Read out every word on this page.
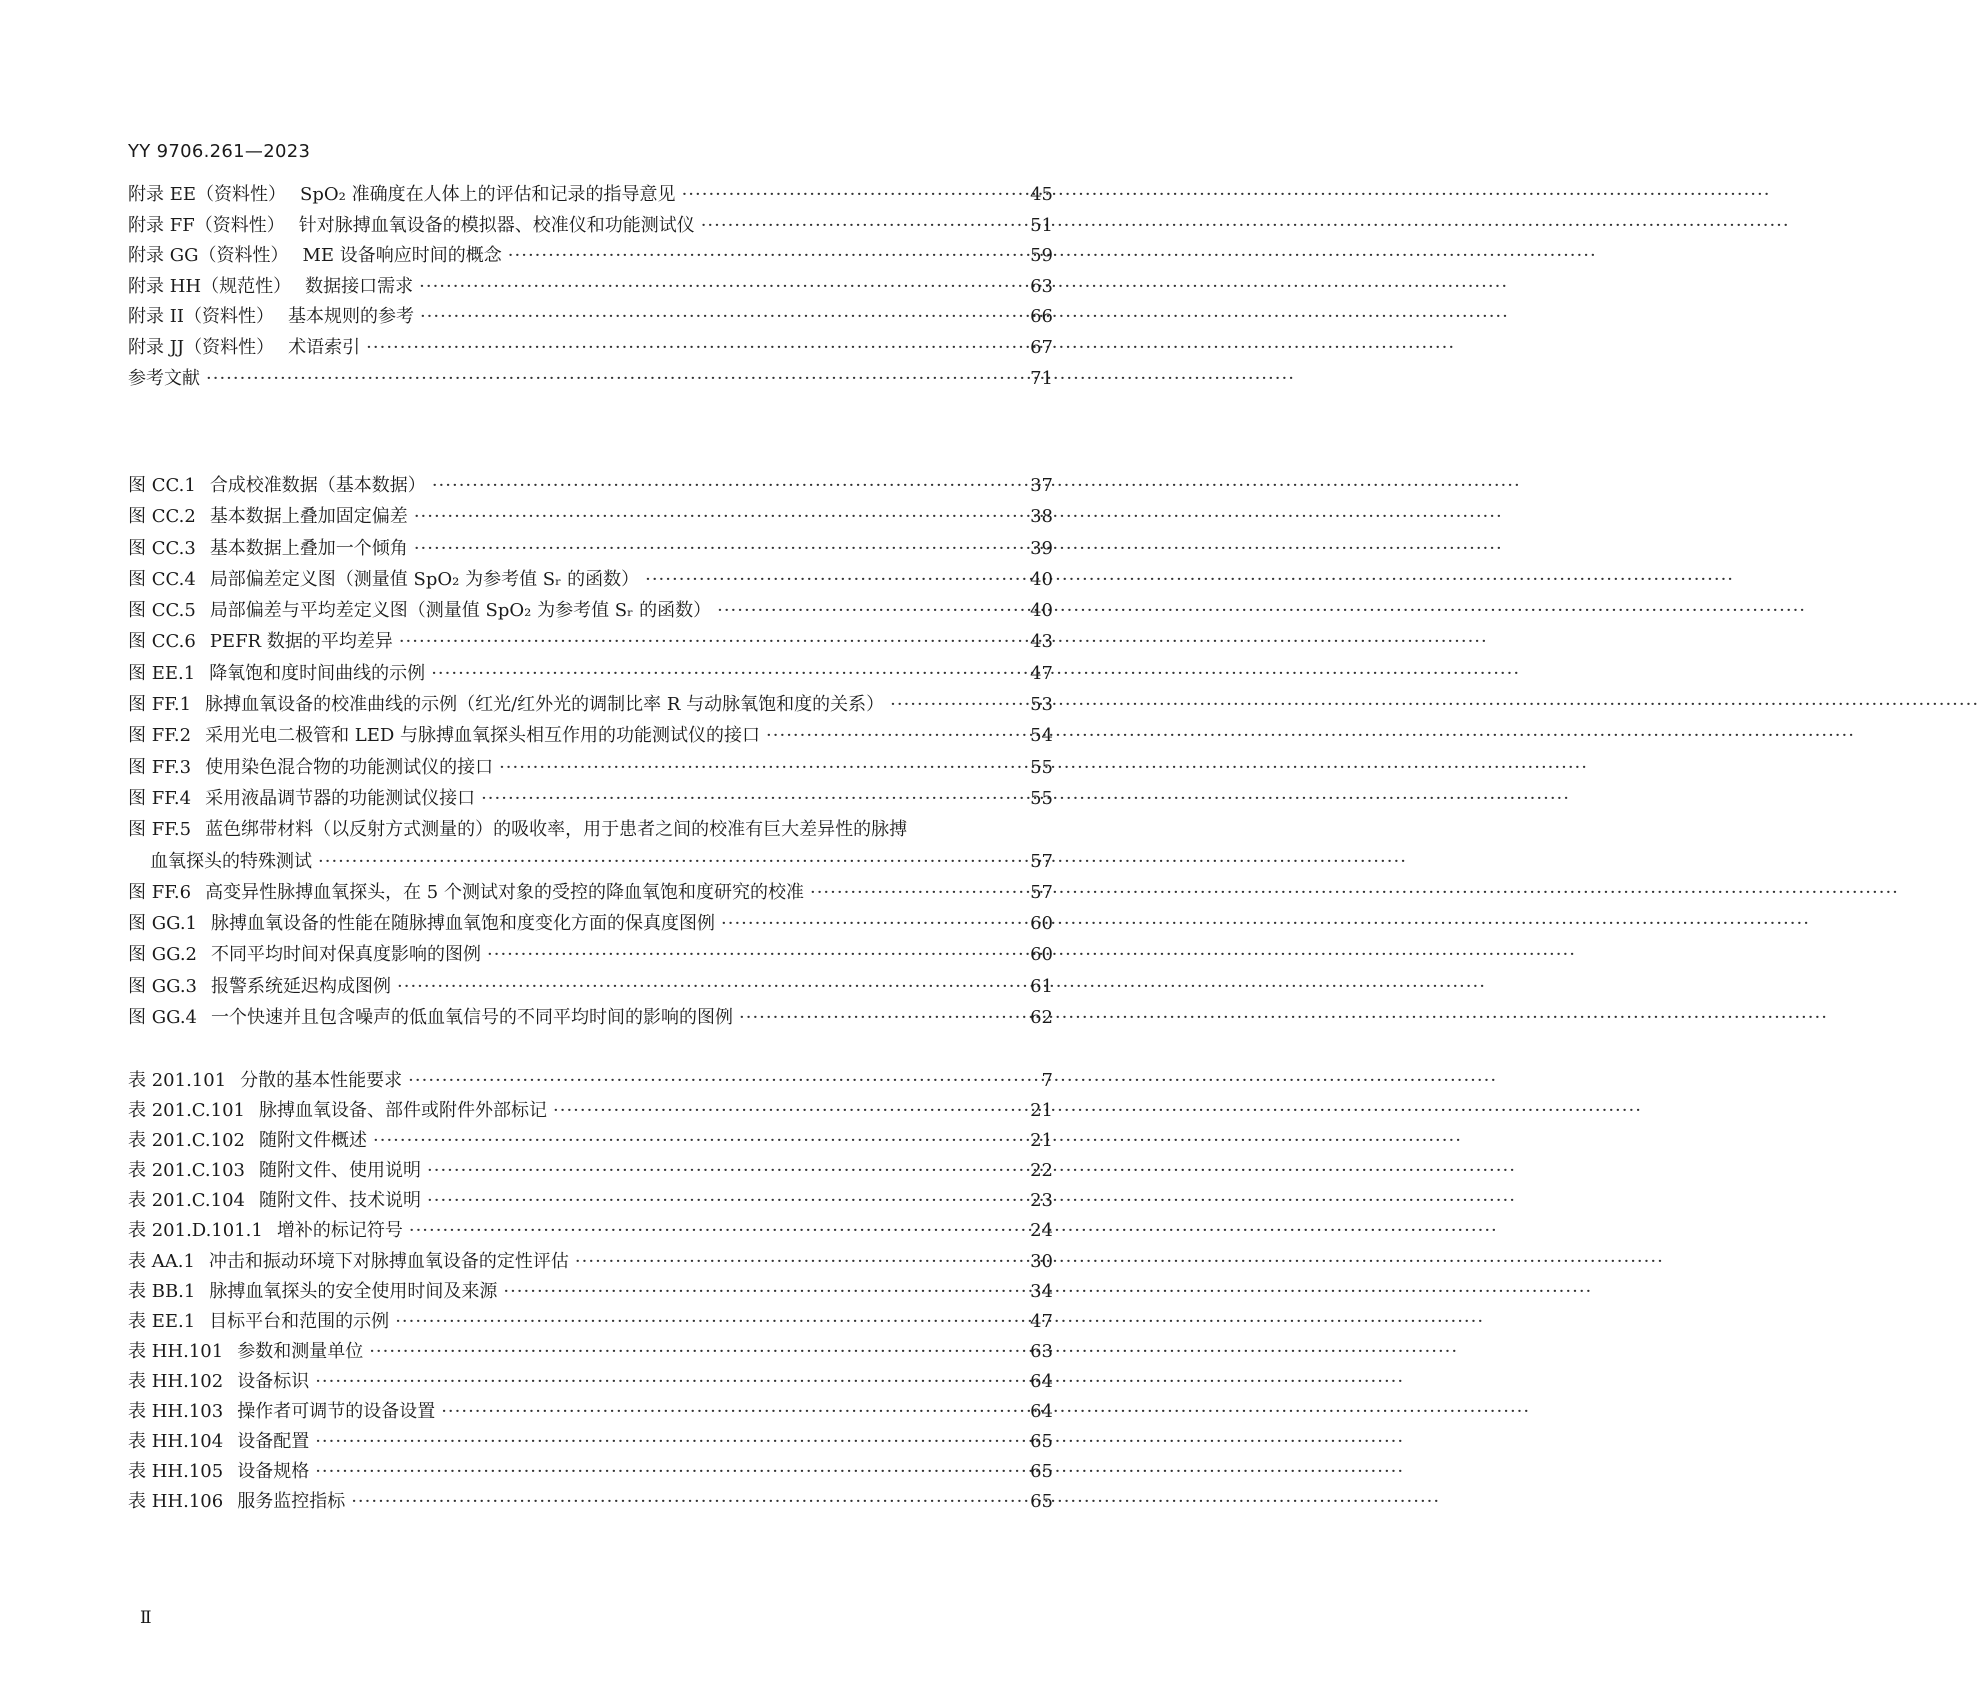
YY 9706.261—2023
附录 EE（资料性） SpO₂ 准确度在人体上的评估和记录的指导意见 ·····	45
附录 FF（资料性） 针对脉搏血氧设备的模拟器、校准仪和功能测试仪 ·····	51
附录 GG（资料性） ME 设备响应时间的概念 ·····	59
附录 HH（规范性） 数据接口需求 ·····	63
附录 II（资料性） 基本规则的参考 ·····	66
附录 JJ（资料性） 术语索引 ·····	67
参考文献 ·····	71
图 CC.1 合成校准数据（基本数据） ·····	37
图 CC.2 基本数据上叠加固定偏差 ·····	38
图 CC.3 基本数据上叠加一个倾角 ·····	39
图 CC.4 局部偏差定义图（测量值 SpO₂ 为参考值 Sᵣ 的函数） ·····	40
图 CC.5 局部偏差与平均差定义图（测量值 SpO₂ 为参考值 Sᵣ 的函数） ·····	40
图 CC.6 PEFR 数据的平均差异 ·····	43
图 EE.1 降氧饱和度时间曲线的示例 ·····	47
图 FF.1 脉搏血氧设备的校准曲线的示例（红光/红外光的调制比率 R 与动脉氧饱和度的关系） ·····	53
图 FF.2 采用光电二极管和 LED 与脉搏血氧探头相互作用的功能测试仪的接口 ·····	54
图 FF.3 使用染色混合物的功能测试仪的接口 ·····	55
图 FF.4 采用液晶调节器的功能测试仪接口 ·····	55
图 FF.5 蓝色绑带材料（以反射方式测量的）的吸收率，用于患者之间的校准有巨大差异性的脉搏
血氧探头的特殊测试 ·····	57
图 FF.6 高变异性脉搏血氧探头，在 5 个测试对象的受控的降血氧饱和度研究的校准 ·····	57
图 GG.1 脉搏血氧设备的性能在随脉搏血氧饱和度变化方面的保真度图例 ·····	60
图 GG.2 不同平均时间对保真度影响的图例 ·····	60
图 GG.3 报警系统延迟构成图例 ·····	61
图 GG.4 一个快速并且包含噪声的低血氧信号的不同平均时间的影响的图例 ·····	62
表 201.101 分散的基本性能要求 ·····	7
表 201.C.101 脉搏血氧设备、部件或附件外部标记 ·····	21
表 201.C.102 随附文件概述 ·····	21
表 201.C.103 随附文件、使用说明 ·····	22
表 201.C.104 随附文件、技术说明 ·····	23
表 201.D.101.1 增补的标记符号 ·····	24
表 AA.1 冲击和振动环境下对脉搏血氧设备的定性评估 ·····	30
表 BB.1 脉搏血氧探头的安全使用时间及来源 ·····	34
表 EE.1 目标平台和范围的示例 ·····	47
表 HH.101 参数和测量单位 ·····	63
表 HH.102 设备标识 ·····	64
表 HH.103 操作者可调节的设备设置 ·····	64
表 HH.104 设备配置 ·····	65
表 HH.105 设备规格 ·····	65
表 HH.106 服务监控指标 ·····	65
Ⅱ
